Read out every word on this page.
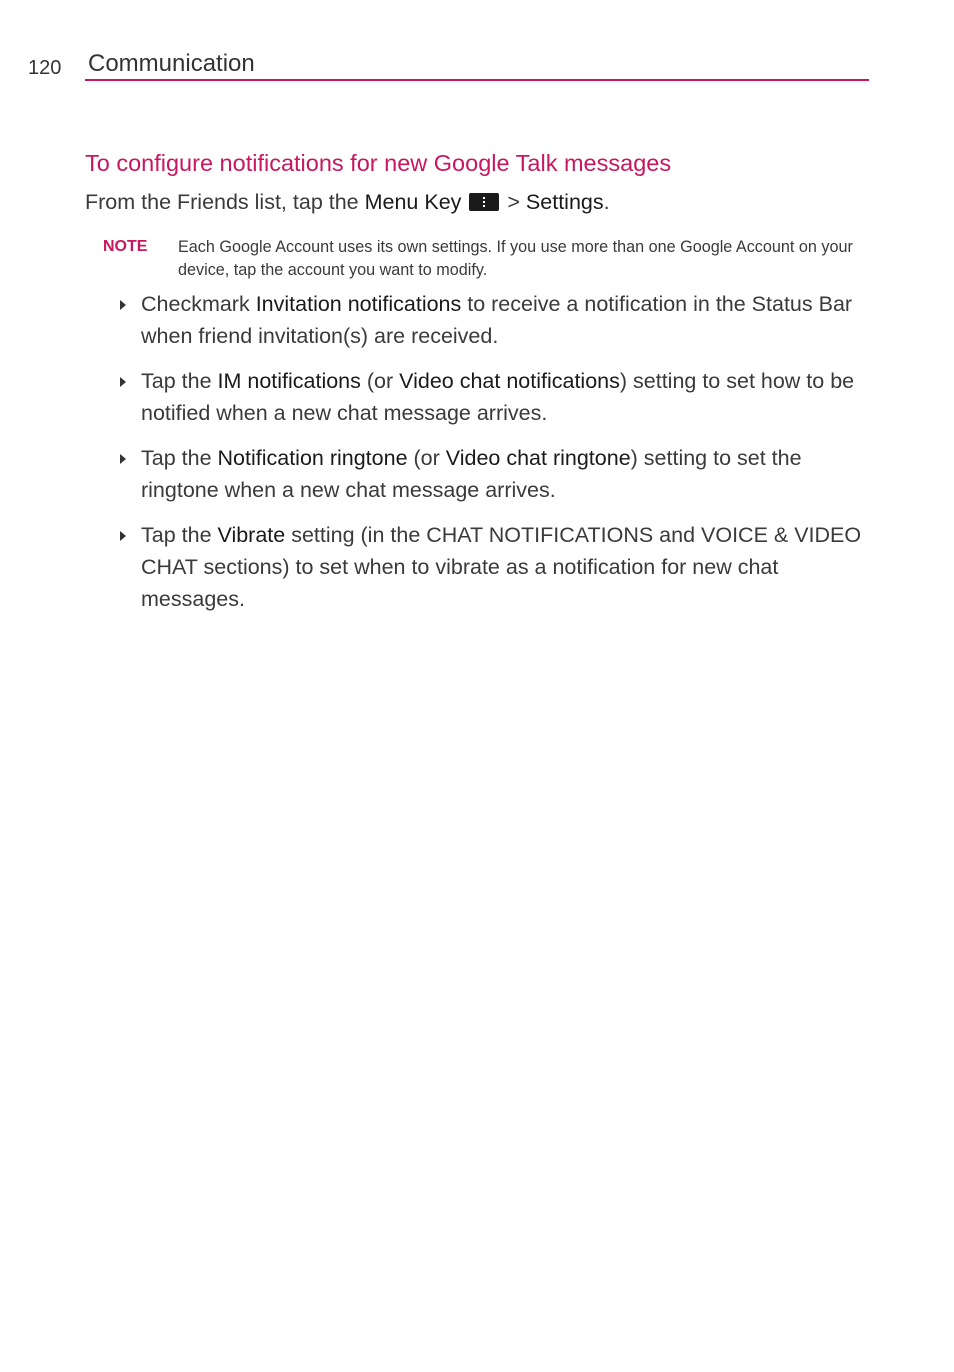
120 Communication
To configure notifications for new Google Talk messages
From the Friends list, tap the Menu Key  > Settings.
NOTE Each Google Account uses its own settings. If you use more than one Google Account on your device, tap the account you want to modify.
Checkmark Invitation notifications to receive a notification in the Status Bar when friend invitation(s) are received.
Tap the IM notifications (or Video chat notifications) setting to set how to be notified when a new chat message arrives.
Tap the Notification ringtone (or Video chat ringtone) setting to set the ringtone when a new chat message arrives.
Tap the Vibrate setting (in the CHAT NOTIFICATIONS and VOICE & VIDEO CHAT sections) to set when to vibrate as a notification for new chat messages.
